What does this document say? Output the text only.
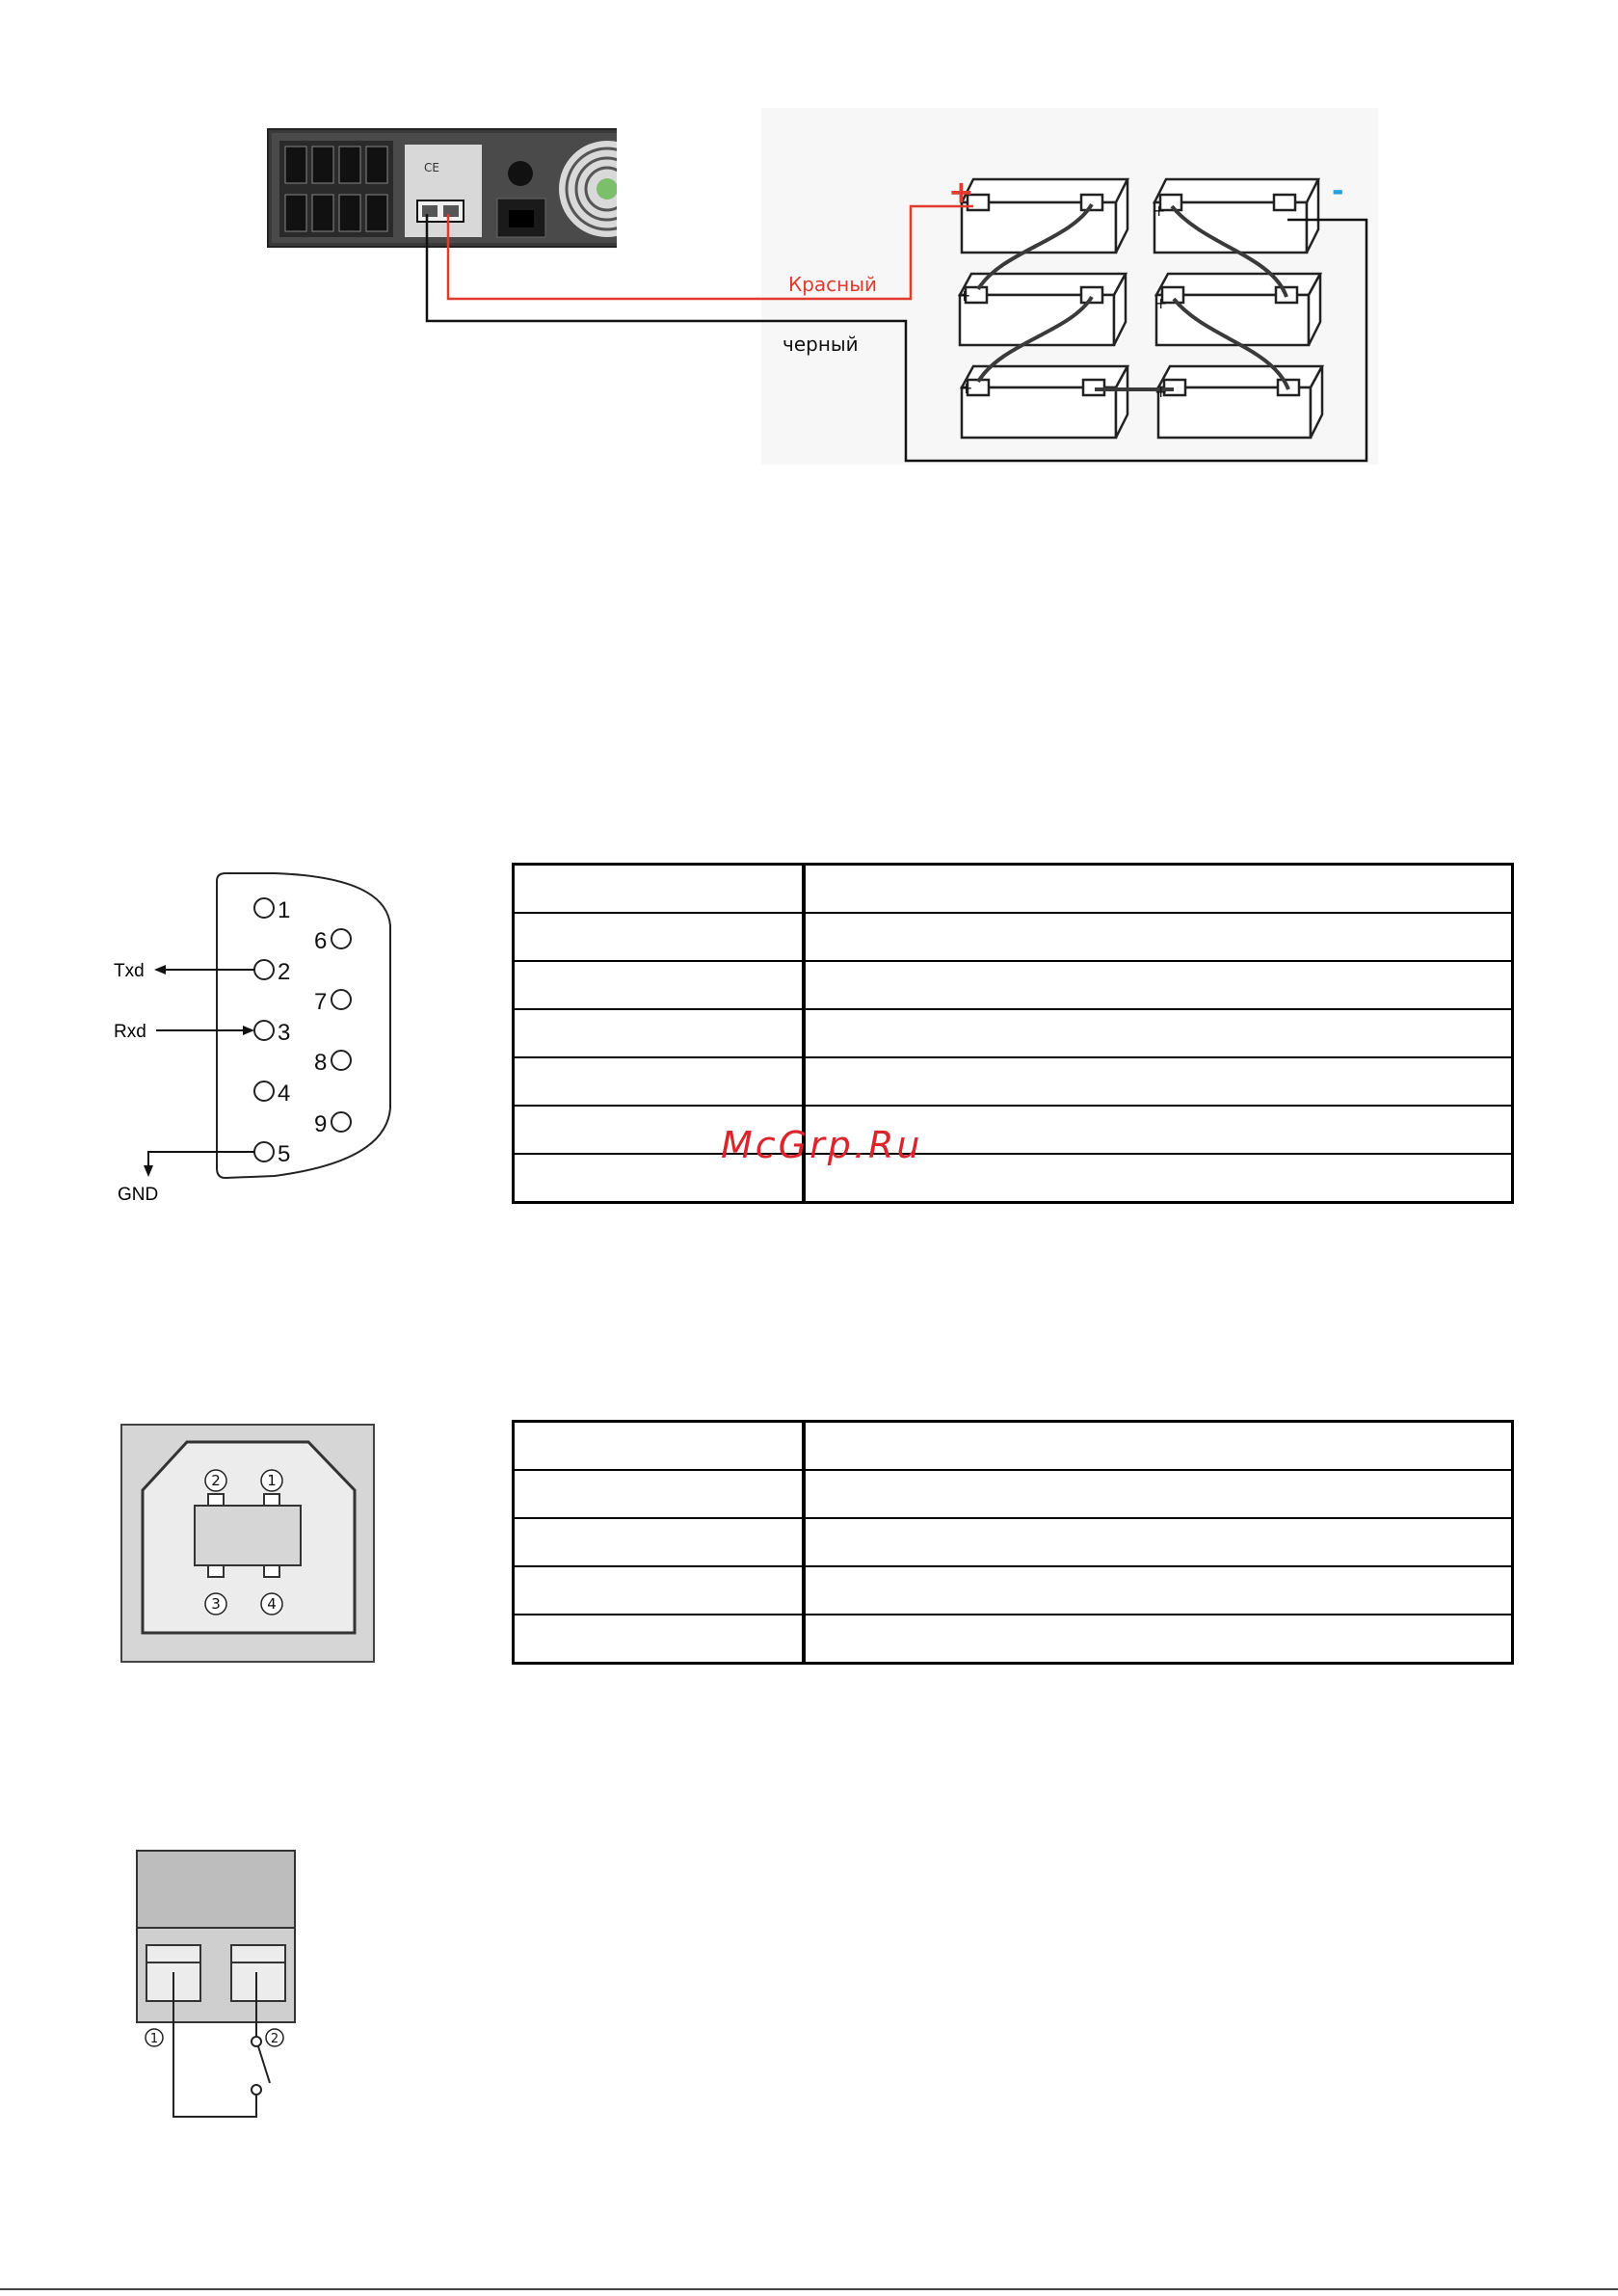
CE
+	-
+
+	+
+	+
Красный
черный
1
2
3
4
5
6
7
8
9
Txd
Rxd
GND

McGrp.Ru
2	1
3	4

1	2
